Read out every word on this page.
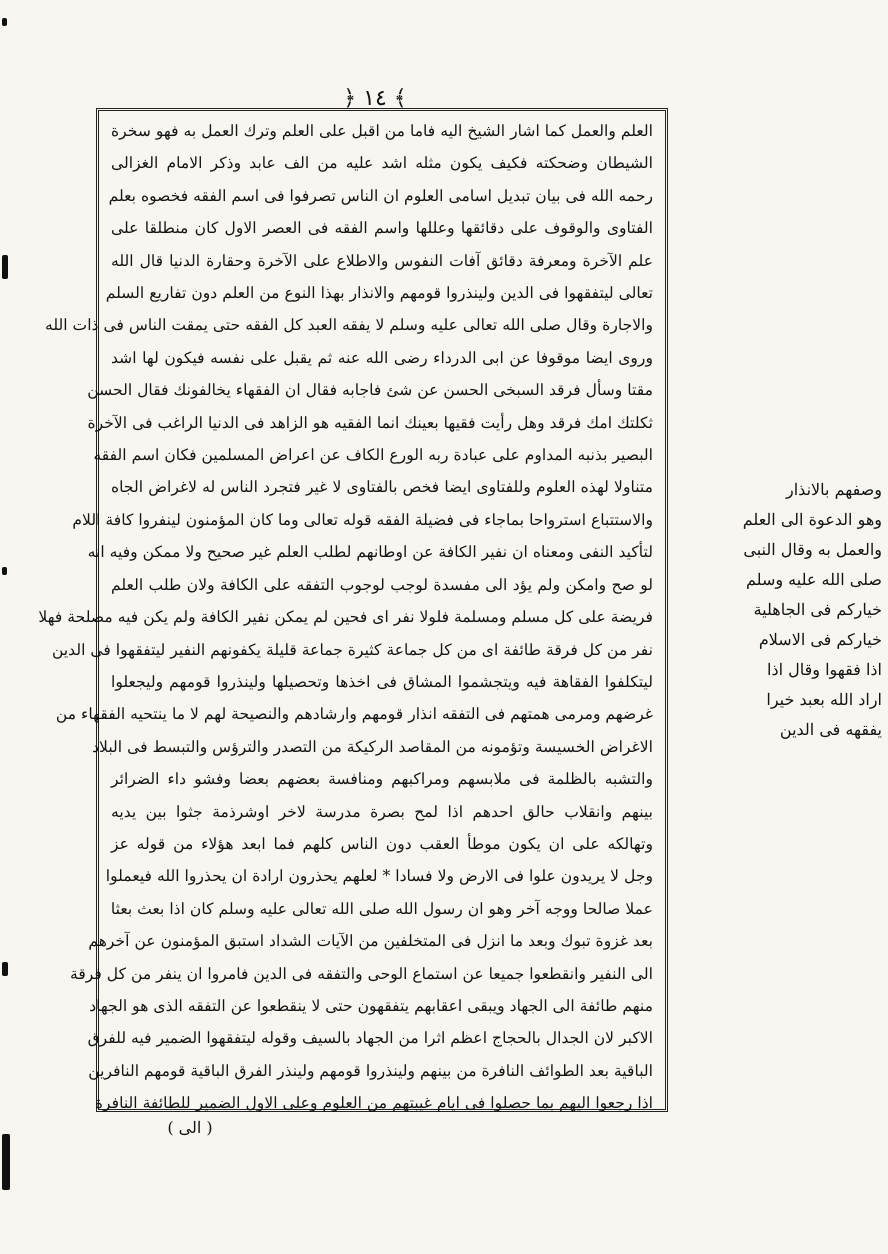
﴿ ١٤ ﴾
العلم والعمل كما اشار الشيخ اليه فاما من اقبل على العلم وترك العمل به فهو سخرة
الشيطان وضحكته فكيف يكون مثله اشد عليه من الف عابد وذكر الامام الغزالى
رحمه الله فى بيان تبديل اسامى العلوم ان الناس تصرفوا فى اسم الفقه فخصوه بعلم
الفتاوى والوقوف على دقائقها وعللها واسم الفقه فى العصر الاول كان منطلقا على
علم الآخرة ومعرفة دقائق آفات النفوس والاطلاع على الآخرة وحقارة الدنيا قال الله
تعالى ليتفقهوا فى الدين ولينذروا قومهم والانذار بهذا النوع من العلم دون تفاريع السلم
والاجارة وقال صلى الله تعالى عليه وسلم لا يفقه العبد كل الفقه حتى يمقت الناس فى ذات الله
وروى ايضا موقوفا عن ابى الدرداء رضى الله عنه ثم يقبل على نفسه فيكون لها اشد
مقتا وسأل فرقد السبخى الحسن عن شئ فاجابه فقال ان الفقهاء يخالفونك فقال الحسن
ثكلتك امك فرقد وهل رأيت فقيها بعينك انما الفقيه هو الزاهد فى الدنيا الراغب فى الآخرة
البصير بذنبه المداوم على عبادة ربه الورع الكاف عن اعراض المسلمين فكان اسم الفقه
متناولا لهذه العلوم وللفتاوى ايضا فخص بالفتاوى لا غير فتجرد الناس له لاغراض الجاه
والاستتباع استرواحا بماجاء فى فضيلة الفقه قوله تعالى وما كان المؤمنون لينفروا كافة اللام
لتأكيد النفى ومعناه ان نفير الكافة عن اوطانهم لطلب العلم غير صحيح ولا ممكن وفيه انه
لو صح وامكن ولم يؤد الى مفسدة لوجب لوجوب التفقه على الكافة ولان طلب العلم
فريضة على كل مسلم ومسلمة فلولا نفر اى فحين لم يمكن نفير الكافة ولم يكن فيه مصلحة فهلا
نفر من كل فرقة طائفة اى من كل جماعة كثيرة جماعة قليلة يكفونهم النفير ليتفقهوا فى الدين
ليتكلفوا الفقاهة فيه ويتجشموا المشاق فى اخذها وتحصيلها ولينذروا قومهم وليجعلوا
غرضهم ومرمى همتهم فى التفقه انذار قومهم وارشادهم والنصيحة لهم لا ما ينتحيه الفقهاء من
الاغراض الخسيسة وتؤمونه من المقاصد الركيكة من التصدر والترؤس والتبسط فى البلاد
والتشبه بالظلمة فى ملابسهم ومراكبهم ومنافسة بعضهم بعضا وفشو داء الضرائر
بينهم وانقلاب حالق احدهم اذا لمح بصرة مدرسة لاخر اوشرذمة جثوا بين يديه
وتهالكه على ان يكون موطأ العقب دون الناس كلهم فما ابعد هؤلاء من قوله عز
وجل لا يريدون علوا فى الارض ولا فسادا * لعلهم يحذرون ارادة ان يحذروا الله فيعملوا
عملا صالحا ووجه آخر وهو ان رسول الله صلى الله تعالى عليه وسلم كان اذا بعث بعثا
بعد غزوة تبوك وبعد ما انزل فى المتخلفين من الآيات الشداد استبق المؤمنون عن آخرهم
الى النفير وانقطعوا جميعا عن استماع الوحى والتفقه فى الدين فامروا ان ينفر من كل فرقة
منهم طائفة الى الجهاد ويبقى اعقابهم يتفقهون حتى لا ينقطعوا عن التفقه الذى هو الجهاد
الاكبر لان الجدال بالحجاج اعظم اثرا من الجهاد بالسيف وقوله ليتفقهوا الضمير فيه للفرق
الباقية بعد الطوائف النافرة من بينهم ولينذروا قومهم ولينذر الفرق الباقية قومهم النافرين
اذا رجعوا اليهم بما حصلوا فى ايام غيبتهم من العلوم وعلى الاول الضمير للطائفة النافرة
وصفهم بالانذار
وهو الدعوة الى العلم
والعمل به وقال النبى
صلى الله عليه وسلم
خياركم فى الجاهلية
خياركم فى الاسلام
اذا فقهوا وقال اذا
اراد الله بعبد خيرا
يفقهه فى الدين
( الى )
